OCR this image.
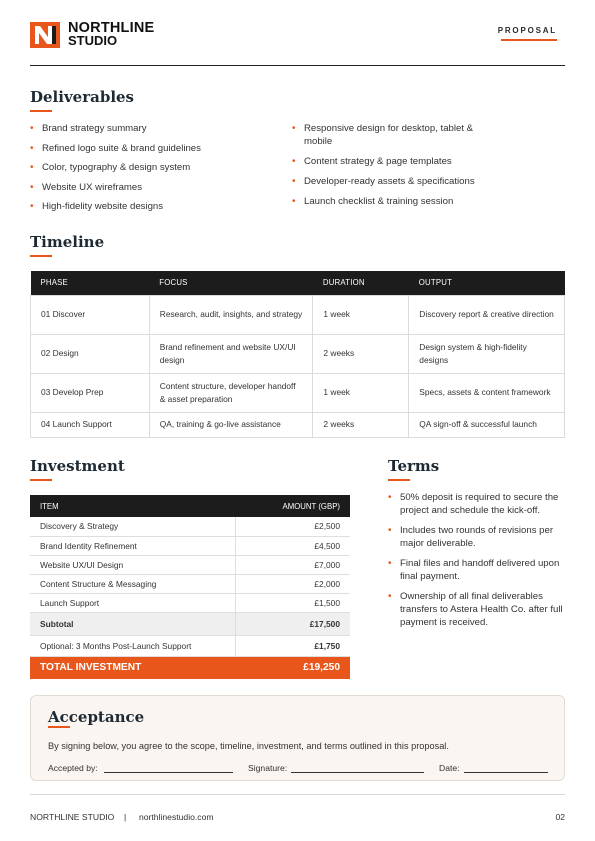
NORTHLINE
STUDIO
PROPOSAL
Deliverables
• Brand strategy summary
• Refined logo suite & brand guidelines
• Color, typography & design system
• Website UX wireframes
• High-fidelity website designs
• Responsive design for desktop, tablet & mobile
• Content strategy & page templates
• Developer-ready assets & specifications
• Launch checklist & training session
Timeline
PHASE	FOCUS	DURATION	OUTPUT
01 Discover	Research, audit, insights, and strategy	1 week	Discovery report & creative direction
02 Design	Brand refinement and website UX/UI design	2 weeks	Design system & high-fidelity designs
03 Develop Prep	Content structure, developer handoff & asset preparation	1 week	Specs, assets & content framework
04 Launch Support	QA, training & go-live assistance	2 weeks	QA sign-off & successful launch
Investment
ITEM	AMOUNT (GBP)
Discovery & Strategy	£2,500
Brand Identity Refinement	£4,500
Website UX/UI Design	£7,000
Content Structure & Messaging	£2,000
Launch Support	£1,500
Subtotal	£17,500
Optional: 3 Months Post-Launch Support	£1,750
TOTAL INVESTMENT	£19,250
Terms
• 50% deposit is required to secure the project and schedule the kick-off.
• Includes two rounds of revisions per major deliverable.
• Final files and handoff delivered upon final payment.
• Ownership of all final deliverables transfers to Astera Health Co. after full payment is received.
Acceptance
By signing below, you agree to the scope, timeline, investment, and terms outlined in this proposal.
Accepted by:	Signature:	Date:
NORTHLINE STUDIO | northlinestudio.com	02
